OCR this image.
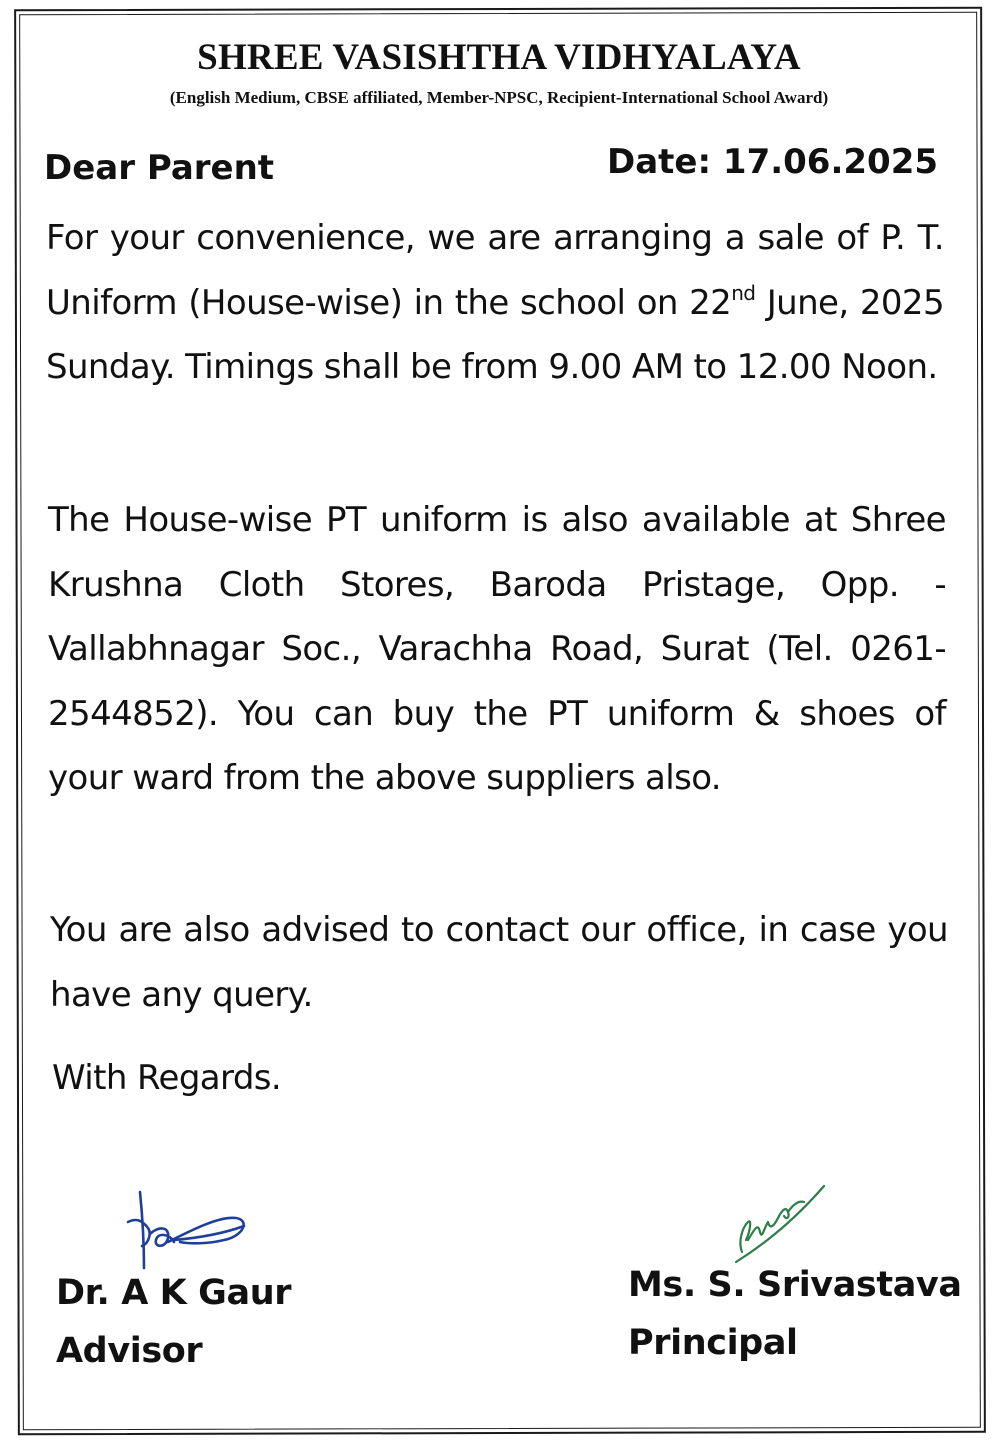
SHREE VASISHTHA VIDHYALAYA
(English Medium, CBSE affiliated, Member-NPSC, Recipient-International School Award)
Dear Parent	Date: 17.06.2025
For your convenience, we are arranging a sale of P. T. Uniform (House-wise) in the school on 22nd June, 2025 Sunday. Timings shall be from 9.00 AM to 12.00 Noon.
The House-wise PT uniform is also available at Shree Krushna Cloth Stores, Baroda Pristage, Opp. - Vallabhnagar Soc., Varachha Road, Surat (Tel. 0261-2544852). You can buy the PT uniform & shoes of your ward from the above suppliers also.
You are also advised to contact our office, in case you have any query.
With Regards.
Dr. A K Gaur
Advisor
Ms. S. Srivastava
Principal
